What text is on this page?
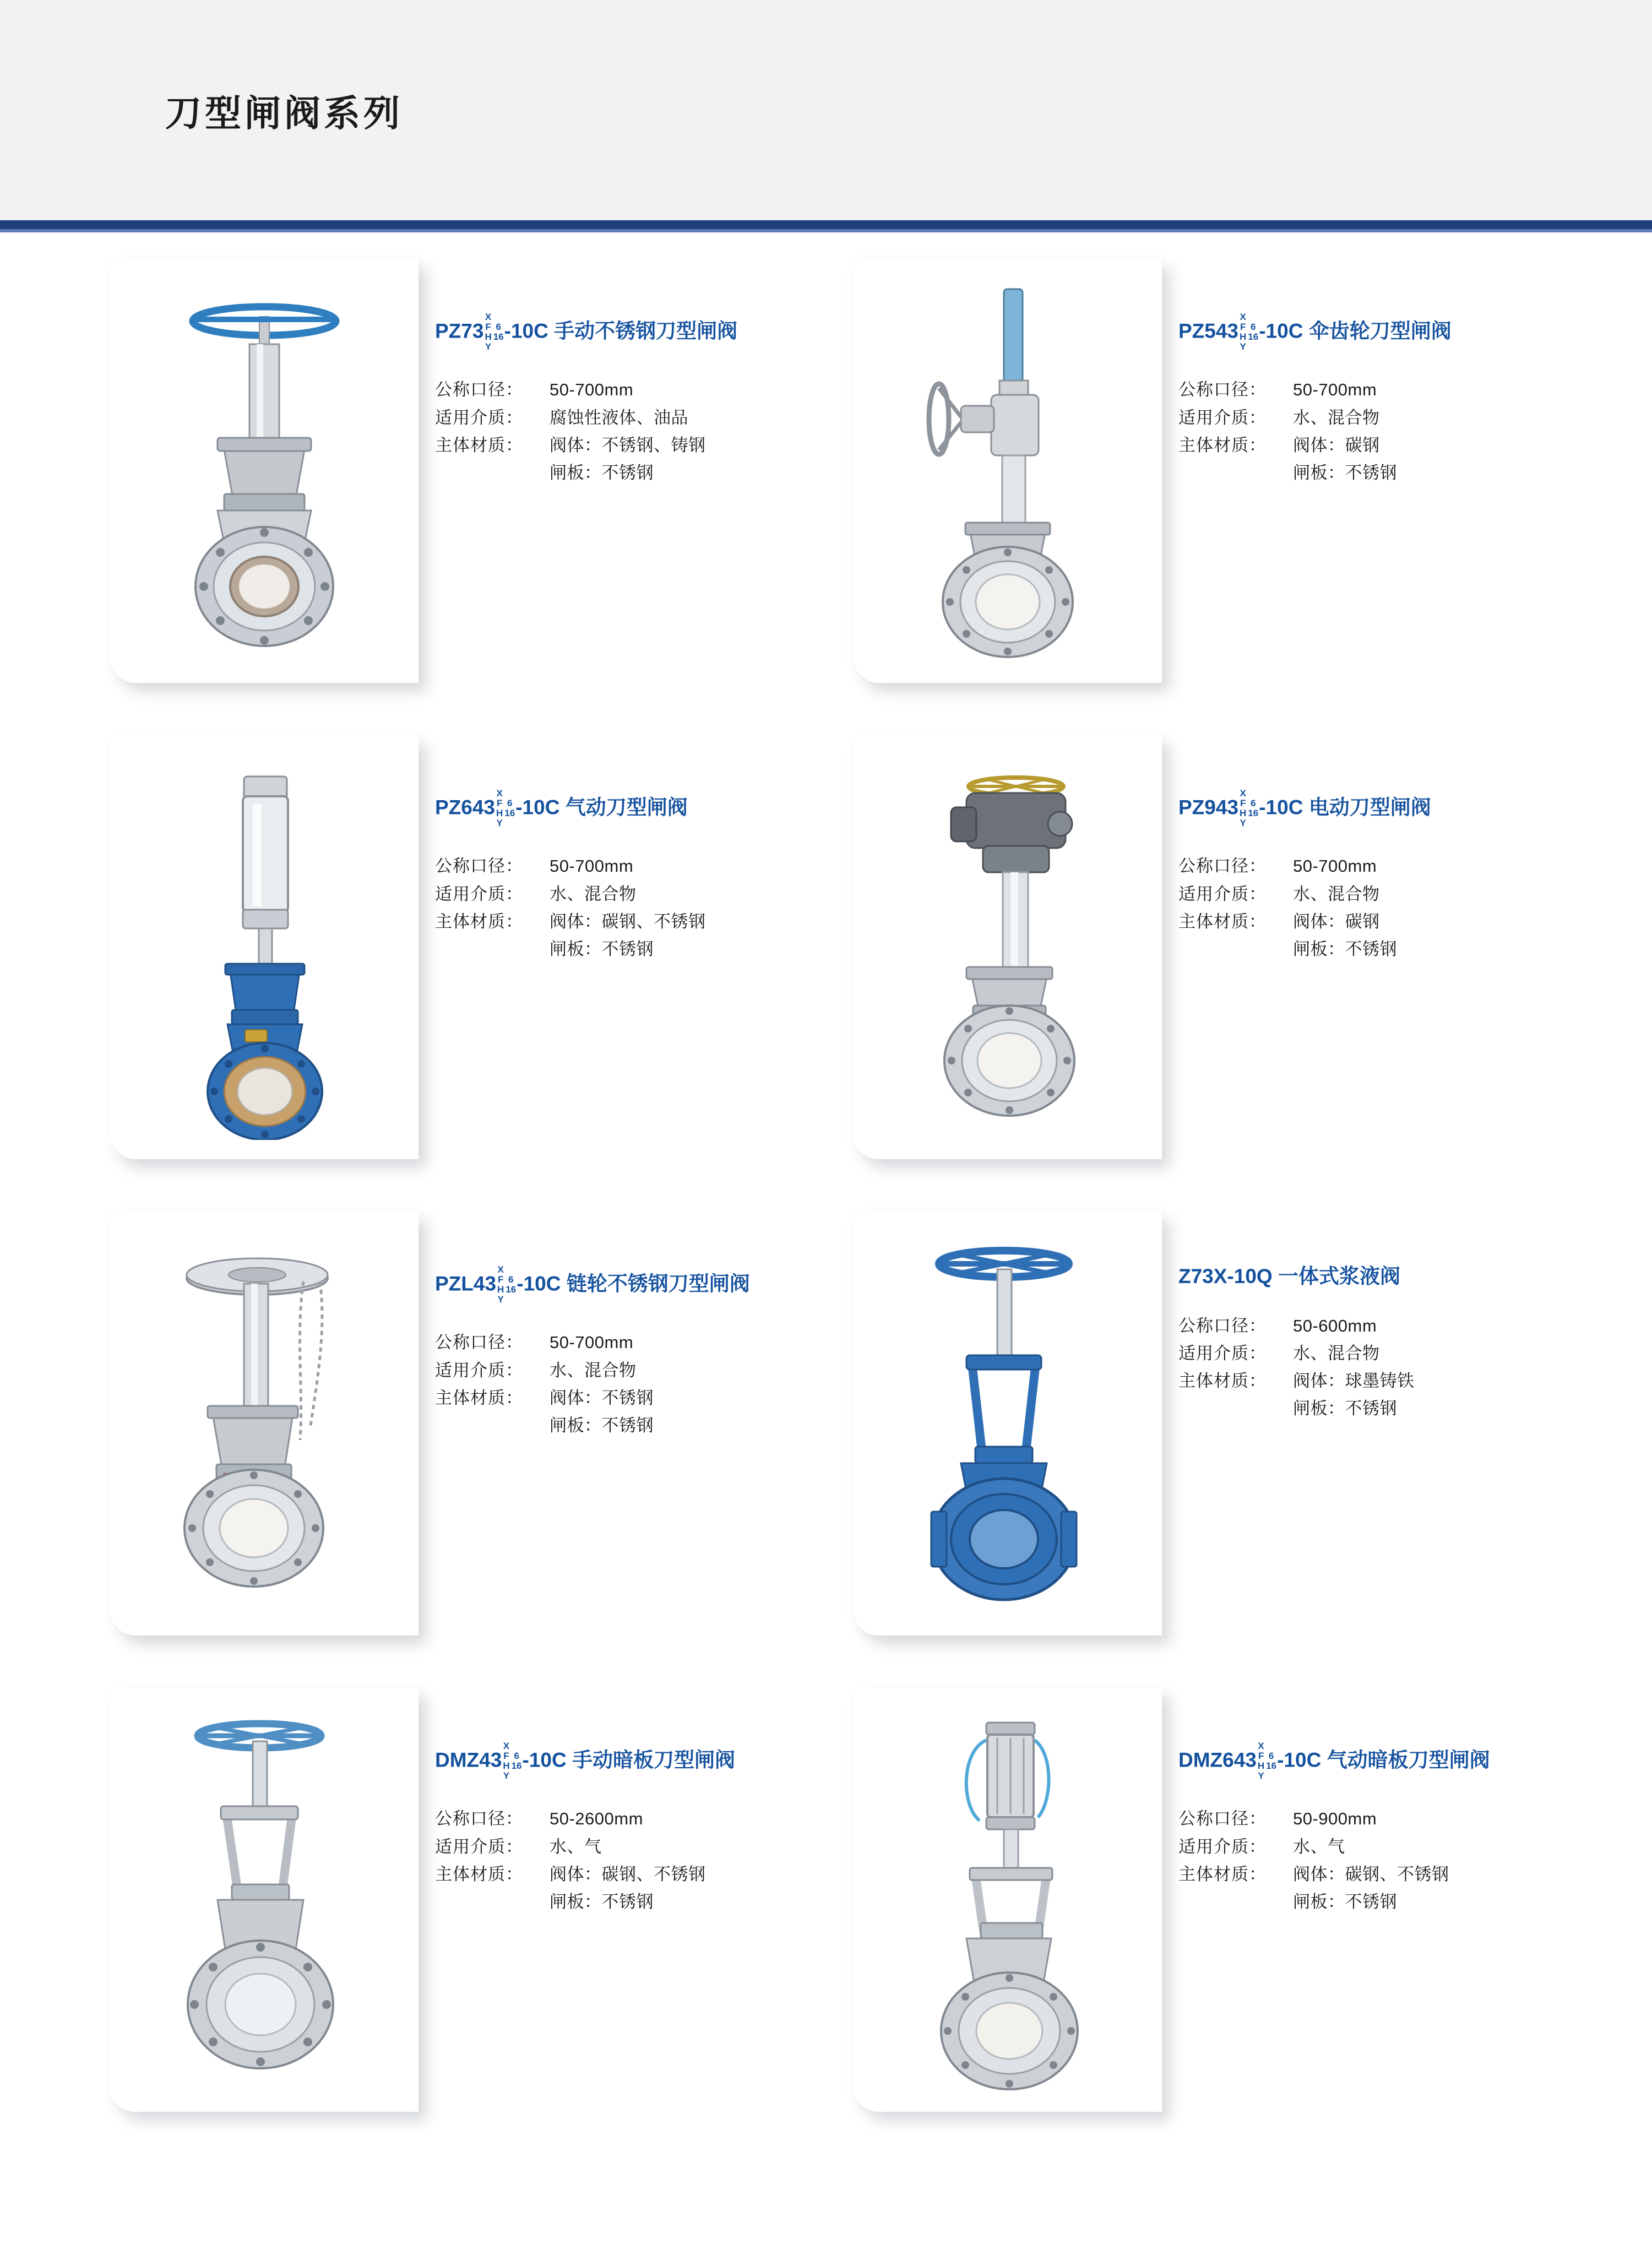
刀型闸阀系列
PZ73
X
F
H
Y
6
16 -10C 手动不锈钢刀型闸阀
公称口径：	50-700mm
适用介质：	腐蚀性液体、油品
主体材质：	阀体：不锈钢、铸钢
闸板：不锈钢
PZ543
X
F
H
Y
6
16 -10C 伞齿轮刀型闸阀
公称口径：	50-700mm
适用介质：	水、混合物
主体材质：	阀体：碳钢
闸板：不锈钢
PZ643
X
F
H
Y
6
16 -10C 气动刀型闸阀
公称口径：	50-700mm
适用介质：	水、混合物
主体材质：	阀体：碳钢、不锈钢
闸板：不锈钢
PZ943
X
F
H
Y
6
16 -10C 电动刀型闸阀
公称口径：	50-700mm
适用介质：	水、混合物
主体材质：	阀体：碳钢
闸板：不锈钢
PZL43
X
F
H
Y
6
16 -10C 链轮不锈钢刀型闸阀
公称口径：	50-700mm
适用介质：	水、混合物
主体材质：	阀体：不锈钢
闸板：不锈钢
Z73X-10Q 一体式浆液阀
公称口径：	50-600mm
适用介质：	水、混合物
主体材质：	阀体：球墨铸铁
闸板：不锈钢
DMZ43
X
F
H
Y
6
16 -10C 手动暗板刀型闸阀
公称口径：	50-2600mm
适用介质：	水、气
主体材质：	阀体：碳钢、不锈钢
闸板：不锈钢
DMZ643
X
F
H
Y
6
16 -10C 气动暗板刀型闸阀
公称口径：	50-900mm
适用介质：	水、气
主体材质：	阀体：碳钢、不锈钢
闸板：不锈钢
